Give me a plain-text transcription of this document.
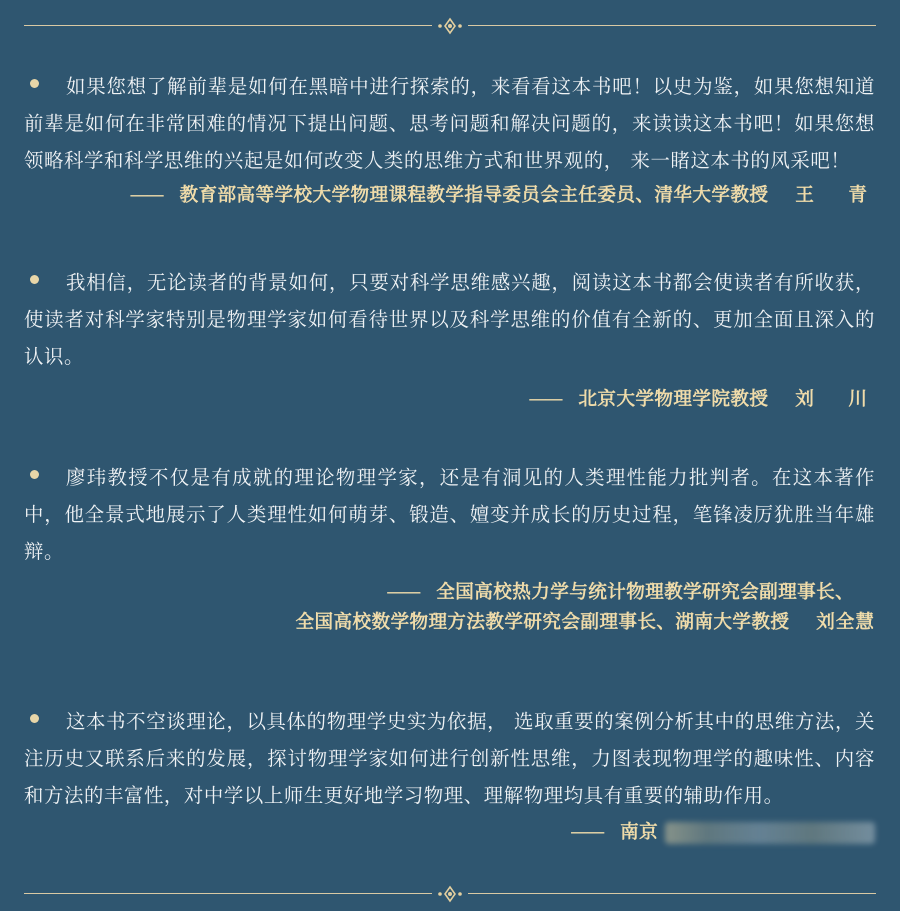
如果您想了解前辈是如何在黑暗中进行探索的，来看看这本书吧！以史为鉴，如果您想知道前辈是如何在非常困难的情况下提出问题、思考问题和解决问题的，来读读这本书吧！如果您想领略科学和科学思维的兴起是如何改变人类的思维方式和世界观的， 来一睹这本书的风采吧！
—— 教育部高等学校大学物理课程教学指导委员会主任委员、清华大学教授 王　青
我相信，无论读者的背景如何，只要对科学思维感兴趣，阅读这本书都会使读者有所收获，使读者对科学家特别是物理学家如何看待世界以及科学思维的价值有全新的、更加全面且深入的认识。
—— 北京大学物理学院教授 刘　川
廖玮教授不仅是有成就的理论物理学家，还是有洞见的人类理性能力批判者。在这本著作中，他全景式地展示了人类理性如何萌芽、锻造、嬗变并成长的历史过程，笔锋凌厉犹胜当年雄辩。
—— 全国高校热力学与统计物理教学研究会副理事长、
全国高校数学物理方法教学研究会副理事长、湖南大学教授 刘全慧
这本书不空谈理论，以具体的物理学史实为依据， 选取重要的案例分析其中的思维方法，关注历史又联系后来的发展，探讨物理学家如何进行创新性思维，力图表现物理学的趣味性、内容和方法的丰富性，对中学以上师生更好地学习物理、理解物理均具有重要的辅助作用。
—— 南京
